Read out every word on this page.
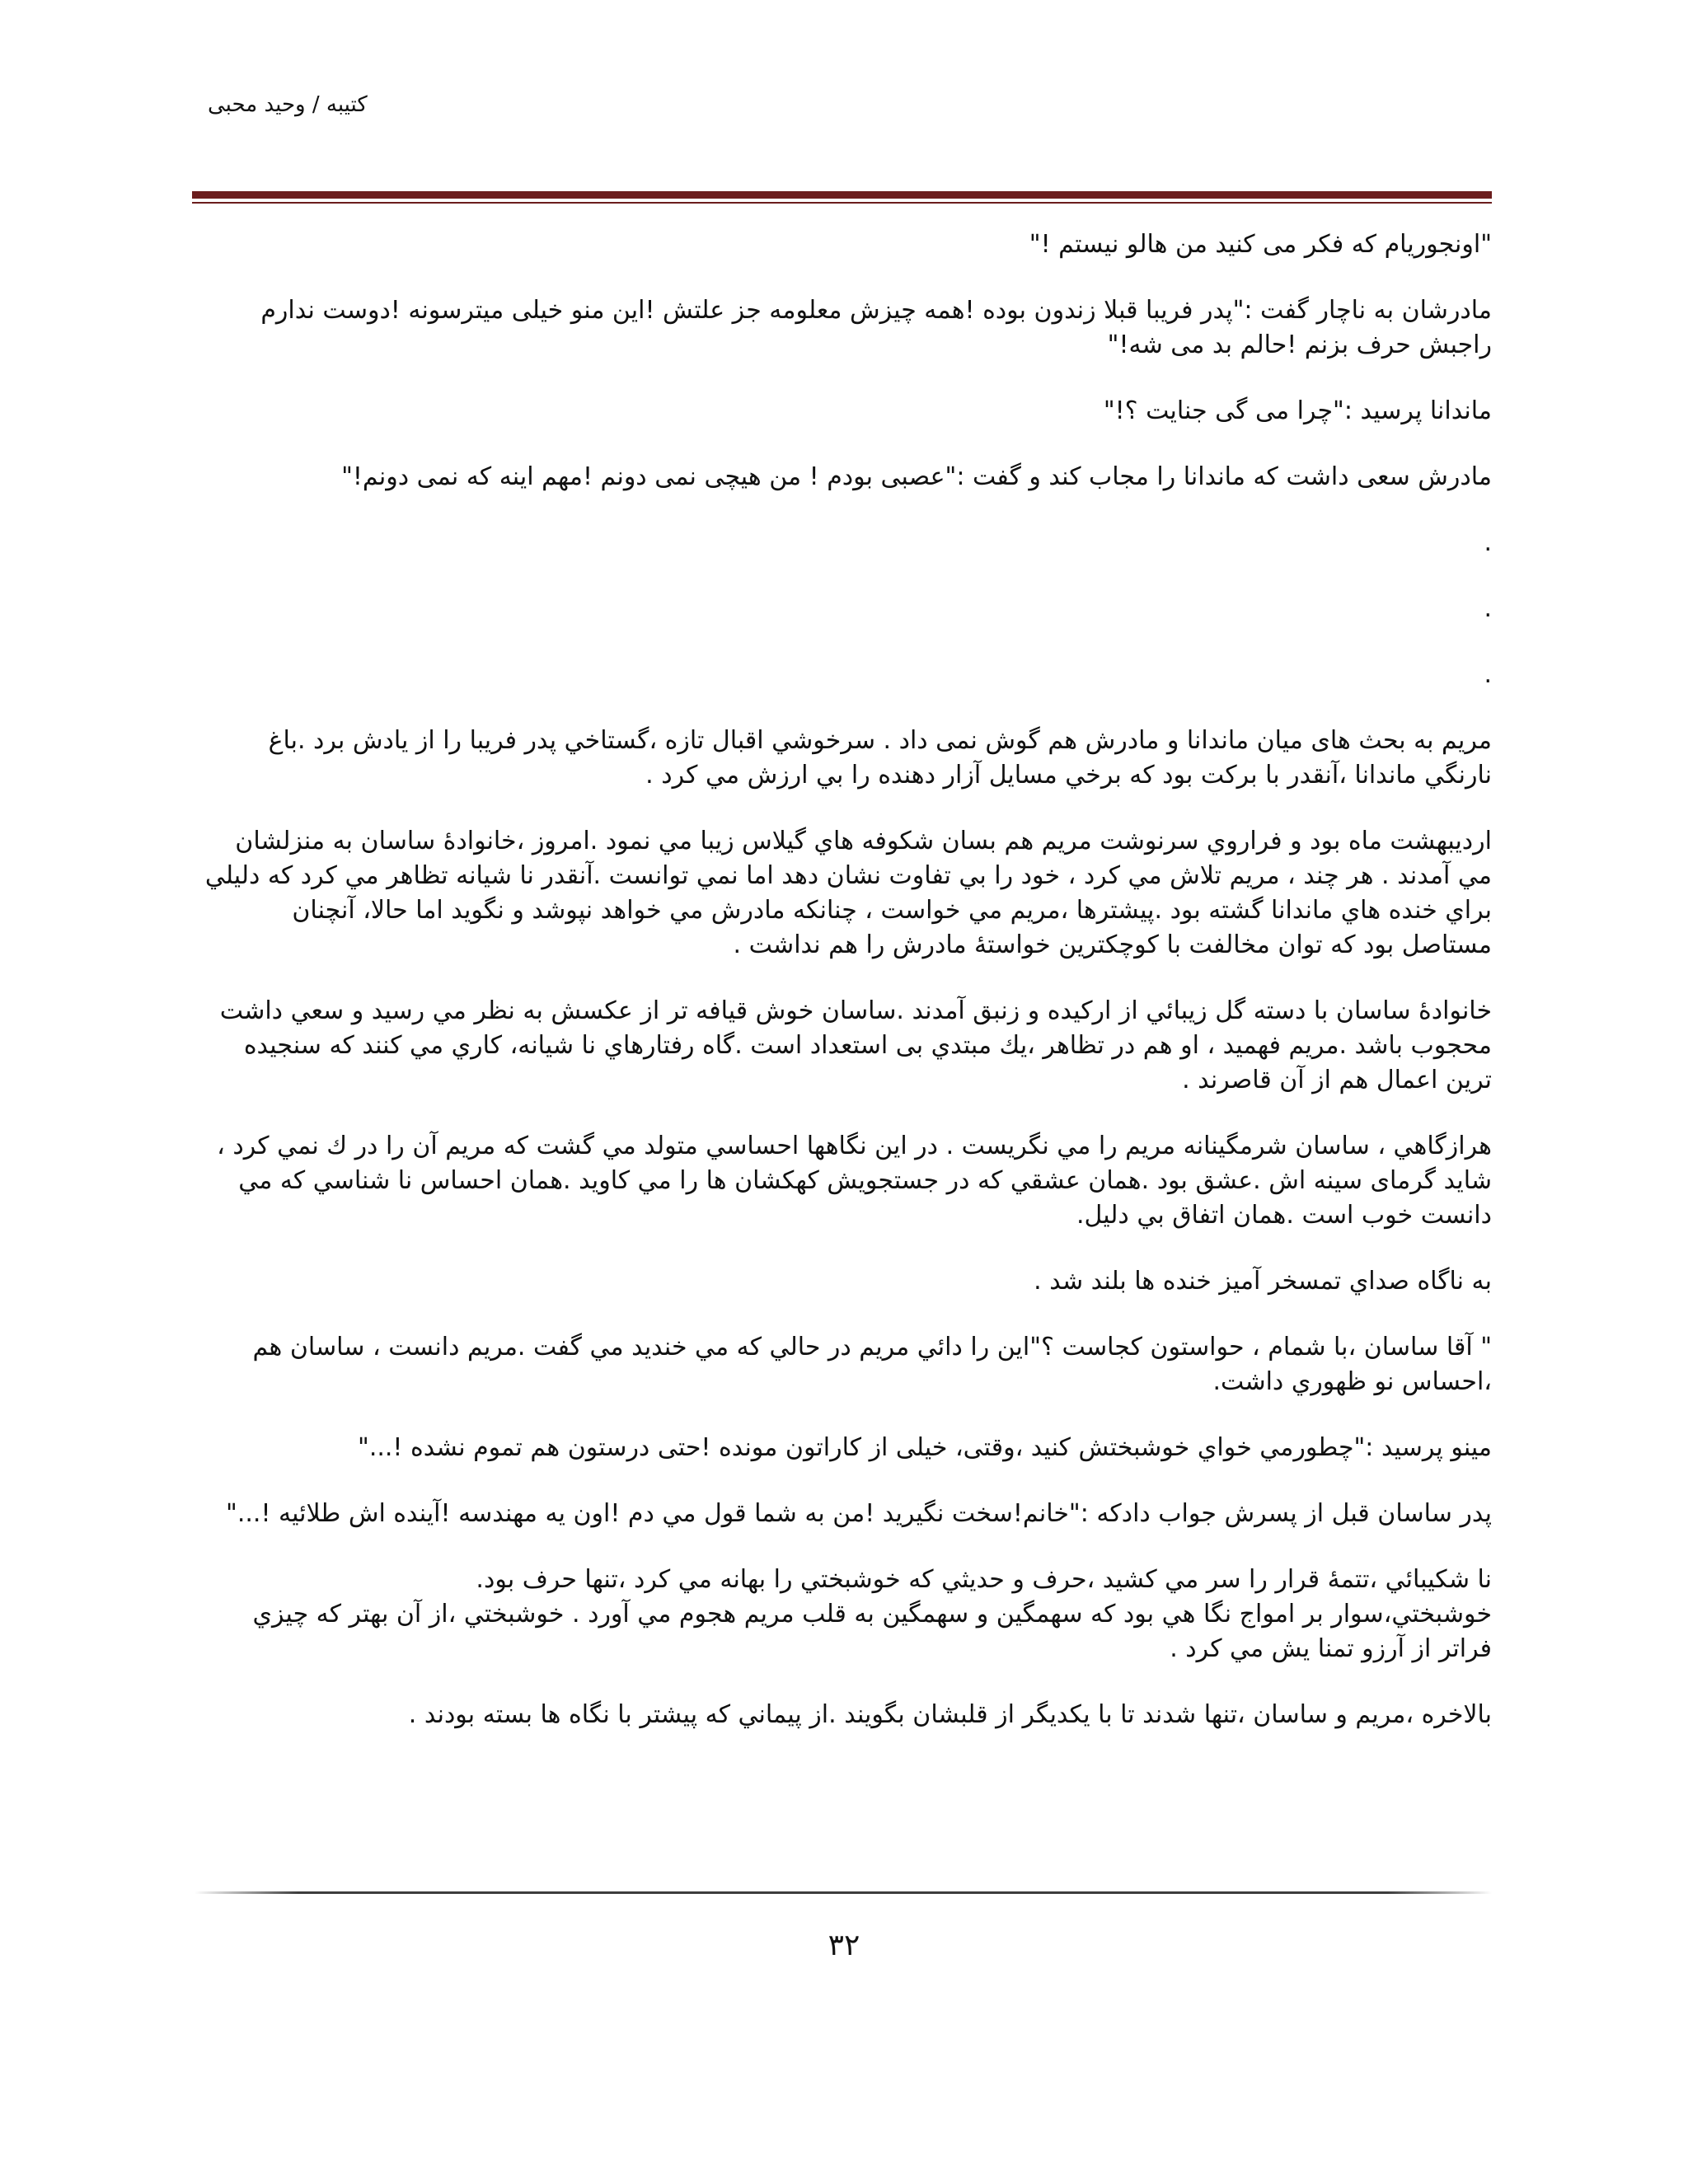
کتیبه / وحید محبی

"اونجوریام که فکر می کنید من هالو نیستم !"

مادرشان به ناچار گفت :"پدر فریبا قبلا زندون بوده !همه چیزش معلومه جز علتش !این منو خیلی میترسونه !دوست ندارم راجبش حرف بزنم !حالم بد می شه!"

ماندانا پرسید :"چرا می گی جنایت ؟!"

مادرش سعی داشت که ماندانا را مجاب کند و گفت :"عصبی بودم ! من هیچی نمی دونم !مهم اینه که نمی دونم!"

.

.

.

مریم به بحث های میان ماندانا و مادرش هم گوش نمی داد . سرخوشي اقبال تازه ،گستاخي پدر فریبا را از یادش برد .باغ نارنگي ماندانا ،آنقدر با برکت بود که برخي مسایل آزار دهنده را بي ارزش مي کرد .

اردیبهشت ماه بود و فراروي سرنوشت مریم هم بسان شکوفه هاي گیلاس زیبا مي نمود .امروز ،خانوادۀ ساسان به منزلشان مي آمدند . هر چند ، مریم تلاش مي کرد ، خود را بي تفاوت نشان دهد اما نمي توانست .آنقدر نا شیانه تظاهر مي کرد که دلیلي براي خنده هاي ماندانا گشته بود .پیشترها ،مریم مي خواست ، چنانکه مادرش مي خواهد نپوشد و نگوید اما حالا، آنچنان مستاصل بود که توان مخالفت با کوچکترین خواستۀ مادرش را هم نداشت .

خانوادۀ ساسان با دسته گل زیبائي از ارکیده و زنبق آمدند .ساسان خوش قیافه تر از عکسش به نظر مي رسید و سعي داشت محجوب باشد .مریم فهمید ، او هم در تظاهر ،يك مبتدي بی استعداد است .گاه رفتارهاي نا شیانه، کاري مي کنند که سنجیده ترین اعمال هم از آن قاصرند .

هرازگاهي ، ساسان شرمگینانه مریم را مي نگریست . در این نگاهها احساسي متولد مي گشت که مریم آن را در ك نمي کرد ، شاید گرمای سینه اش .عشق بود .همان عشقي که در جستجویش کهکشان ها را مي کاوید .همان احساس نا شناسي که مي دانست خوب است .همان اتفاق بي دلیل.

به ناگاه صداي تمسخر آمیز خنده ها بلند شد .

" آقا ساسان ،با شمام ، حواستون کجاست ؟"این را دائي مریم در حالي که مي خندید مي گفت .مریم دانست ، ساسان هم ،احساس نو ظهوري داشت.

مینو پرسید :"چطورمي خواي خوشبختش کنید ،وقتی، خیلی از کاراتون مونده !حتی درستون هم تموم نشده !..."

پدر ساسان قبل از پسرش جواب دادکه :"خانم!سخت نگیرید !من به شما قول مي دم !اون يه مهندسه !آینده اش طلائیه !..."

نا شکیبائي ،تتمۀ قرار را سر مي کشید ،حرف و حدیثي که خوشبختي را بهانه مي کرد ،تنها حرف بود.

خوشبختي،سوار بر امواج نگا هي بود که سهمگین و سهمگین به قلب مریم هجوم مي آورد . خوشبختي ،از آن بهتر که چیزي فراتر از آرزو تمنا یش مي کرد .

بالاخره ،مریم و ساسان ،تنها شدند تا با یکدیگر از قلبشان بگویند .از پیماني که پیشتر با نگاه ها بسته بودند .

۳۲
